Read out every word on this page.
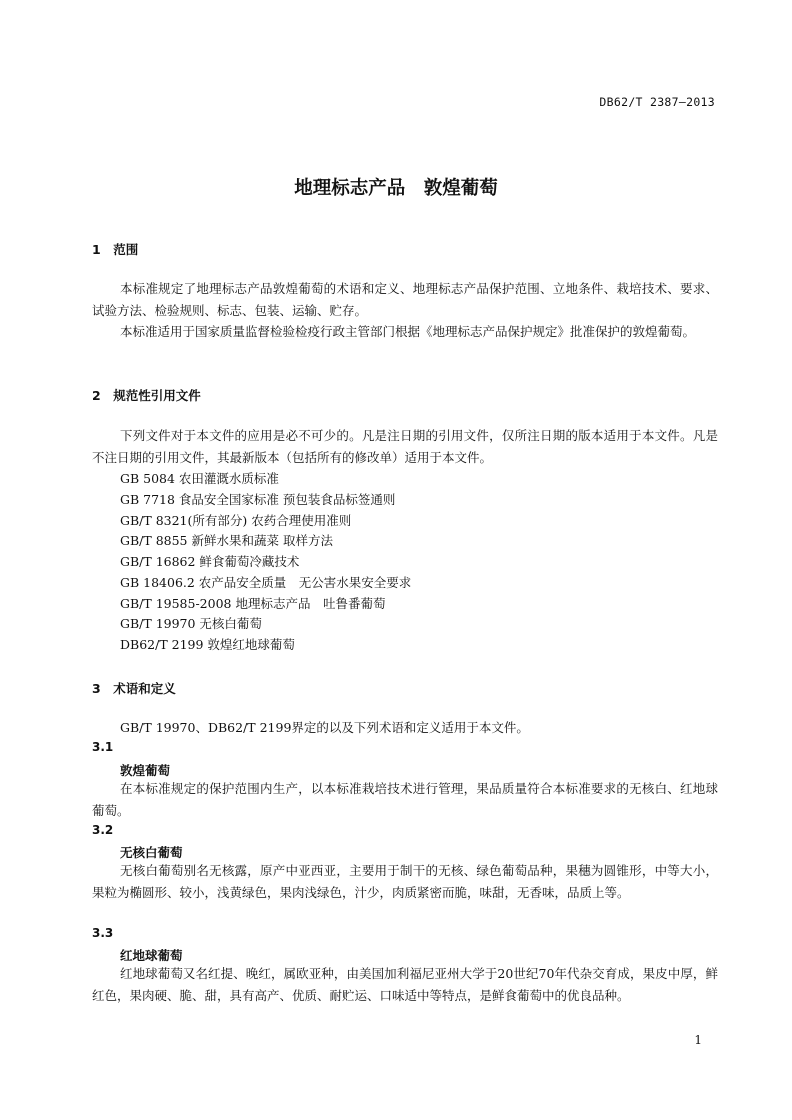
DB62/T 2387—2013
地理标志产品　敦煌葡萄
1　范围
本标准规定了地理标志产品敦煌葡萄的术语和定义、地理标志产品保护范围、立地条件、栽培技术、要求、试验方法、检验规则、标志、包装、运输、贮存。
本标准适用于国家质量监督检验检疫行政主管部门根据《地理标志产品保护规定》批准保护的敦煌葡萄。
2　规范性引用文件
下列文件对于本文件的应用是必不可少的。凡是注日期的引用文件，仅所注日期的版本适用于本文件。凡是不注日期的引用文件，其最新版本（包括所有的修改单）适用于本文件。
GB 5084 农田灌溉水质标准
GB 7718 食品安全国家标准 预包装食品标签通则
GB/T 8321(所有部分) 农药合理使用准则
GB/T 8855 新鲜水果和蔬菜 取样方法
GB/T 16862 鲜食葡萄冷藏技术
GB 18406.2 农产品安全质量　无公害水果安全要求
GB/T 19585-2008 地理标志产品　吐鲁番葡萄
GB/T 19970 无核白葡萄
DB62/T 2199 敦煌红地球葡萄
3　术语和定义
GB/T 19970、DB62/T 2199界定的以及下列术语和定义适用于本文件。
3.1
敦煌葡萄
在本标准规定的保护范围内生产，以本标准栽培技术进行管理，果品质量符合本标准要求的无核白、红地球葡萄。
3.2
无核白葡萄
无核白葡萄别名无核露，原产中亚西亚，主要用于制干的无核、绿色葡萄品种，果穗为圆锥形，中等大小，果粒为椭圆形、较小，浅黄绿色，果肉浅绿色，汁少，肉质紧密而脆，味甜，无香味，品质上等。
3.3
红地球葡萄
红地球葡萄又名红提、晚红，属欧亚种，由美国加利福尼亚州大学于20世纪70年代杂交育成，果皮中厚，鲜红色，果肉硬、脆、甜，具有高产、优质、耐贮运、口味适中等特点，是鲜食葡萄中的优良品种。
1
